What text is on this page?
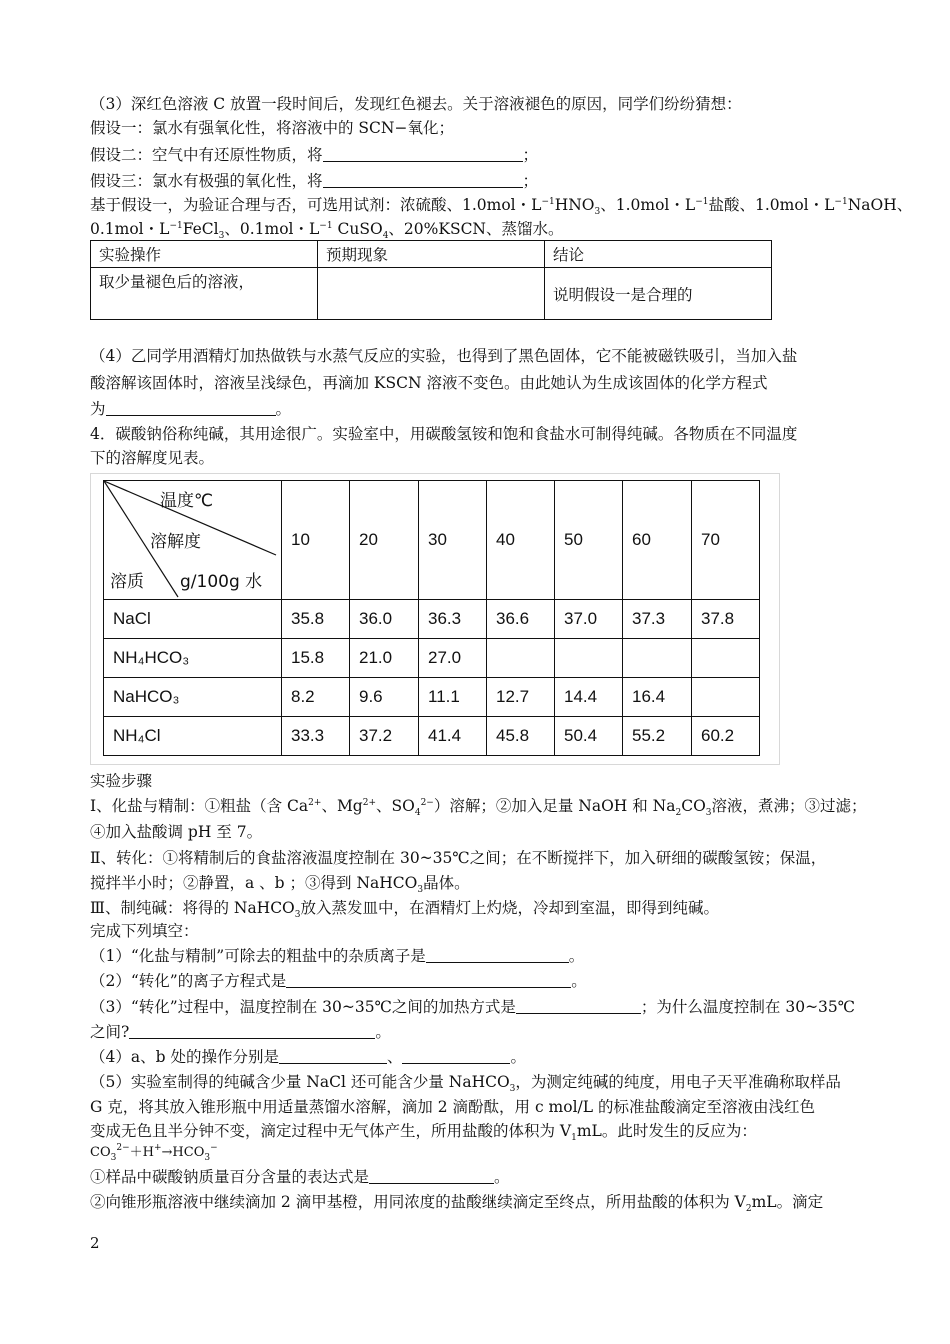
（3）深红色溶液 C 放置一段时间后，发现红色褪去。关于溶液褪色的原因，同学们纷纷猜想：
假设一：氯水有强氧化性，将溶液中的 SCN−氧化；
假设二：空气中有还原性物质，将	；
假设三：氯水有极强的氧化性，将	；
基于假设一，为验证合理与否，可选用试剂：浓硫酸、1.0mol・$L^{-1}HNO_3$、1.0mol・$L^{-1}$盐酸、1.0mol・$L^{-1}NaOH$、
0.1mol・$L^{-1}FeCl_3$、0.1mol・$L^{-1}$ CuSO$_4$、20%KSCN、蒸馏水。
实验操作	预期现象	结论
取少量褪色后的溶液，		说明假设一是合理的
（4）乙同学用酒精灯加热做铁与水蒸气反应的实验，也得到了黑色固体，它不能被磁铁吸引，当加入盐
酸溶解该固体时，溶液呈浅绿色，再滴加 KSCN 溶液不变色。由此她认为生成该固体的化学方程式
为	。
4．碳酸钠俗称纯碱，其用途很广。实验室中，用碳酸氢铵和饱和食盐水可制得纯碱。各物质在不同温度
下的溶解度见表。
温度℃
溶解度
溶质 g/100g 水	10	20	30	40	50	60	70
NaCl	35.8	36.0	36.3	36.6	37.0	37.3	37.8
NH₄HCO₃	15.8	21.0	27.0				
NaHCO₃	8.2	9.6	11.1	12.7	14.4	16.4	
NH₄Cl	33.3	37.2	41.4	45.8	50.4	55.2	60.2
实验步骤
Ⅰ、化盐与精制：①粗盐（含 $Ca^{2+}$、$Mg^{2+}$、$SO_4^{2-}$）溶解；②加入足量 NaOH 和 $Na_2CO_3$溶液，煮沸；③过滤；
④加入盐酸调 pH 至 7。
Ⅱ、转化：①将精制后的食盐溶液温度控制在 30~35℃之间；在不断搅拌下，加入研细的碳酸氢铵；保温，
搅拌半小时；②静置，a 、b ；③得到 NaHCO$_3$晶体。
Ⅲ、制纯碱：将得的 NaHCO$_3$放入蒸发皿中，在酒精灯上灼烧，冷却到室温，即得到纯碱。
完成下列填空：
（1）“化盐与精制”可除去的粗盐中的杂质离子是	。
（2）“转化”的离子方程式是	。
（3）“转化”过程中，温度控制在 30~35℃之间的加热方式是	；为什么温度控制在 30~35℃
之间?	。
（4）a、b 处的操作分别是	、	。
（5）实验室制得的纯碱含少量 NaCl 还可能含少量 NaHCO$_3$，为测定纯碱的纯度，用电子天平准确称取样品
G 克，将其放入锥形瓶中用适量蒸馏水溶解，滴加 2 滴酚酞，用 c mol/L 的标准盐酸滴定至溶液由浅红色
变成无色且半分钟不变，滴定过程中无气体产生，所用盐酸的体积为 $V_1mL$。此时发生的反应为：
$CO_3^{2-}+H^+\to HCO_3^-$
①样品中碳酸钠质量百分含量的表达式是	。
②向锥形瓶溶液中继续滴加 2 滴甲基橙，用同浓度的盐酸继续滴定至终点，所用盐酸的体积为 $V_2mL$。滴定
2
